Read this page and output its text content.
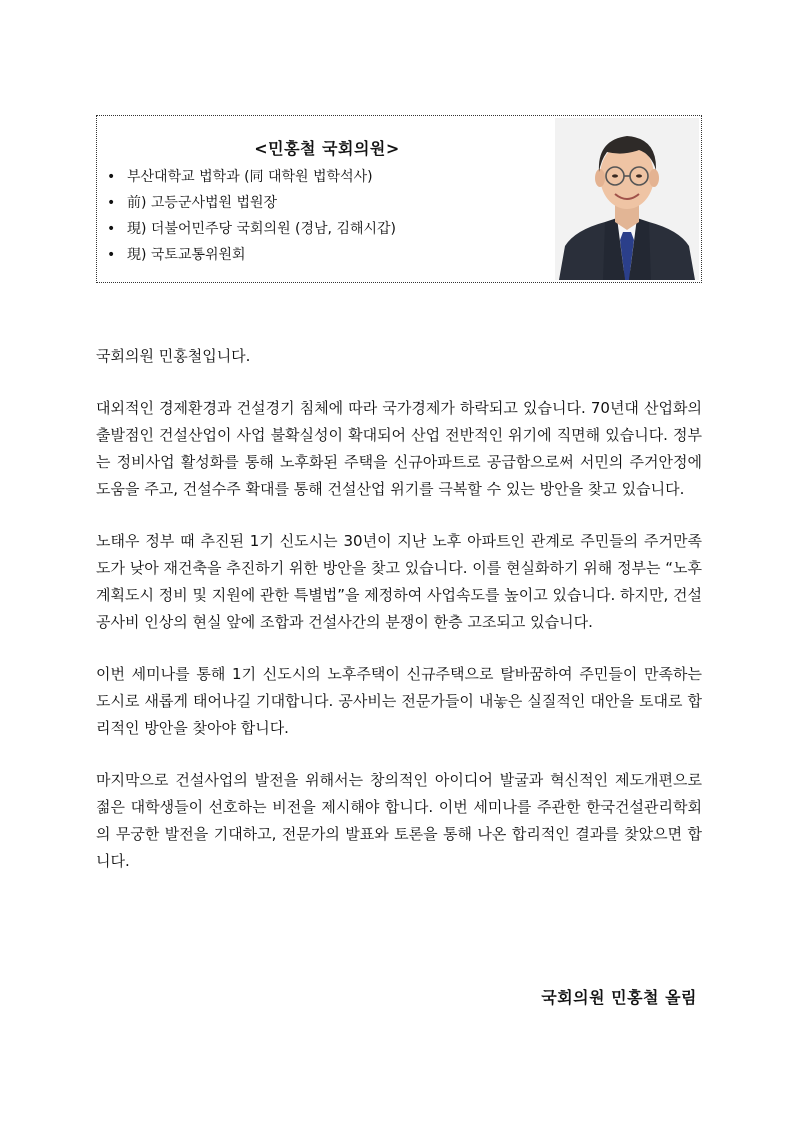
<민홍철 국회의원>
• 부산대학교 법학과 (同 대학원 법학석사)
• 前) 고등군사법원 법원장
• 現) 더불어민주당 국회의원 (경남, 김해시갑)
• 現) 국토교통위원회

국회의원 민홍철입니다.

대외적인 경제환경과 건설경기 침체에 따라 국가경제가 하락되고 있습니다. 70년대 산업화의 출발점인 건설산업이 사업 불확실성이 확대되어 산업 전반적인 위기에 직면해 있습니다. 정부는 정비사업 활성화를 통해 노후화된 주택을 신규아파트로 공급함으로써 서민의 주거안정에 도움을 주고, 건설수주 확대를 통해 건설산업 위기를 극복할 수 있는 방안을 찾고 있습니다.

노태우 정부 때 추진된 1기 신도시는 30년이 지난 노후 아파트인 관계로 주민들의 주거만족도가 낮아 재건축을 추진하기 위한 방안을 찾고 있습니다. 이를 현실화하기 위해 정부는 “노후계획도시 정비 및 지원에 관한 특별법”을 제정하여 사업속도를 높이고 있습니다. 하지만, 건설공사비 인상의 현실 앞에 조합과 건설사간의 분쟁이 한층 고조되고 있습니다.

이번 세미나를 통해 1기 신도시의 노후주택이 신규주택으로 탈바꿈하여 주민들이 만족하는 도시로 새롭게 태어나길 기대합니다. 공사비는 전문가들이 내놓은 실질적인 대안을 토대로 합리적인 방안을 찾아야 합니다.

마지막으로 건설사업의 발전을 위해서는 창의적인 아이디어 발굴과 혁신적인 제도개편으로 젊은 대학생들이 선호하는 비전을 제시해야 합니다. 이번 세미나를 주관한 한국건설관리학회의 무궁한 발전을 기대하고, 전문가의 발표와 토론을 통해 나온 합리적인 결과를 찾았으면 합니다.

국회의원 민홍철 올림
